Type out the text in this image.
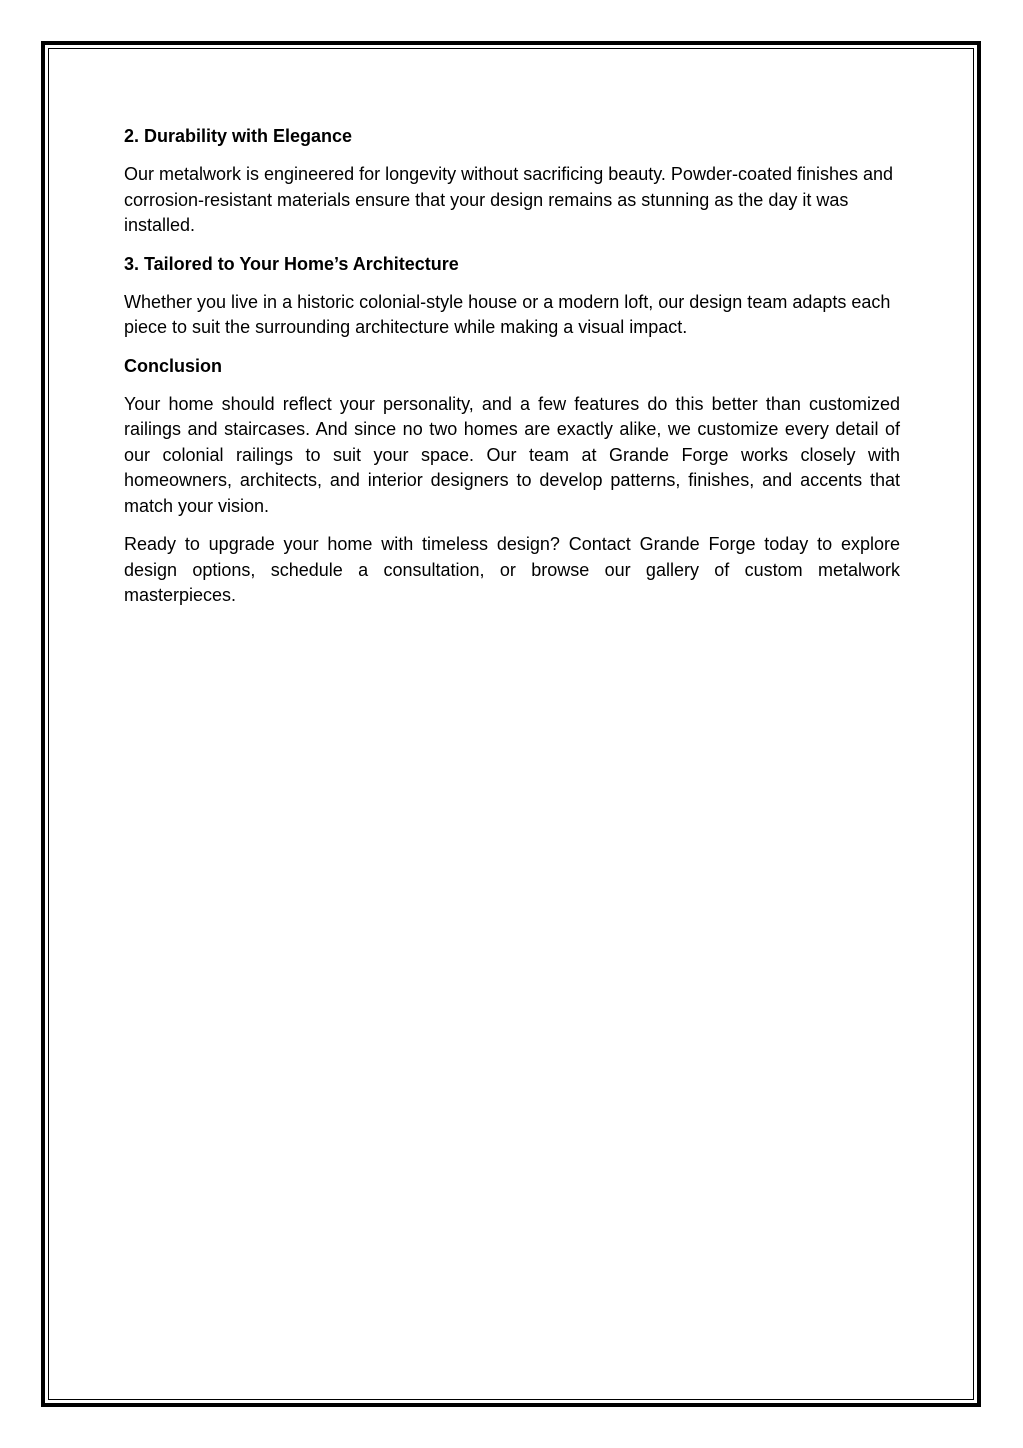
2. Durability with Elegance

Our metalwork is engineered for longevity without sacrificing beauty. Powder-coated finishes and corrosion-resistant materials ensure that your design remains as stunning as the day it was installed.

3. Tailored to Your Home’s Architecture

Whether you live in a historic colonial-style house or a modern loft, our design team adapts each piece to suit the surrounding architecture while making a visual impact.

Conclusion

Your home should reflect your personality, and a few features do this better than customized railings and staircases. And since no two homes are exactly alike, we customize every detail of our colonial railings to suit your space. Our team at Grande Forge works closely with homeowners, architects, and interior designers to develop patterns, finishes, and accents that match your vision.

Ready to upgrade your home with timeless design? Contact Grande Forge today to explore design options, schedule a consultation, or browse our gallery of custom metalwork masterpieces.
